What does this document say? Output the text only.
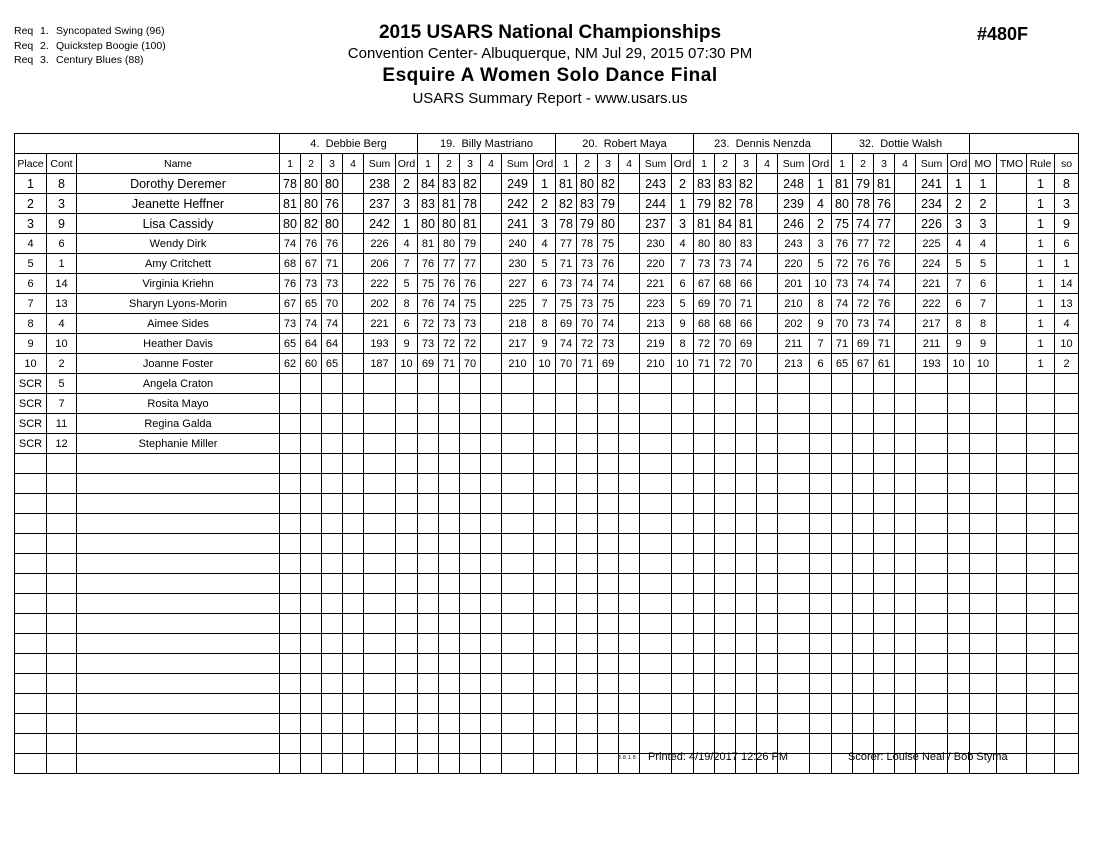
Req 1. Syncopated Swing (96)
Req 2. Quickstep Boogie (100)
Req 3. Century Blues (88)
2015 USARS National Championships
Convention Center- Albuquerque, NM Jul 29, 2015 07:30 PM
Esquire A Women Solo Dance Final
USARS Summary Report - www.usars.us
#480F
			4. Debbie Berg						19. Billy Mastriano						20. Robert Maya						23. Dennis Nenzda						32. Dottie Walsh									
Place	Cont	Name	1	2	3	4	Sum	Ord	1	2	3	4	Sum	Ord	1	2	3	4	Sum	Ord	1	2	3	4	Sum	Ord	1	2	3	4	Sum	Ord	MO	TMO	Rule	so
1	8	Dorothy Deremer	78	80	80		238	2	84	83	82		249	1	81	80	82		243	2	83	83	82		248	1	81	79	81		241	1	1		1	8
2	3	Jeanette Heffner	81	80	76		237	3	83	81	78		242	2	82	83	79		244	1	79	82	78		239	4	80	78	76		234	2	2		1	3
3	9	Lisa Cassidy	80	82	80		242	1	80	80	81		241	3	78	79	80		237	3	81	84	81		246	2	75	74	77		226	3	3		1	9
4	6	Wendy Dirk	74	76	76		226	4	81	80	79		240	4	77	78	75		230	4	80	80	83		243	3	76	77	72		225	4	4		1	6
5	1	Amy Critchett	68	67	71		206	7	76	77	77		230	5	71	73	76		220	7	73	73	74		220	5	72	76	76		224	5	5		1	1
6	14	Virginia Kriehn	76	73	73		222	5	75	76	76		227	6	73	74	74		221	6	67	68	66		201	10	73	74	74		221	7	6		1	14
7	13	Sharyn Lyons-Morin	67	65	70		202	8	76	74	75		225	7	75	73	75		223	5	69	70	71		210	8	74	72	76		222	6	7		1	13
8	4	Aimee Sides	73	74	74		221	6	72	73	73		218	8	69	70	74		213	9	68	68	66		202	9	70	73	74		217	8	8		1	4
9	10	Heather Davis	65	64	64		193	9	73	72	72		217	9	74	72	73		219	8	72	70	69		211	7	71	69	71		211	9	9		1	10
10	2	Joanne Foster	62	60	65		187	10	69	71	70		210	10	70	71	69		210	10	71	72	70		213	6	65	67	61		193	10	10		1	2
SCR	5	Angela Craton																																		
SCR	7	Rosita Mayo																																		
SCR	11	Regina Galda																																		
SCR	12	Stephanie Miller																																		

3.8.1.8 Printed: 4/19/2017 12:26 PM	Scorer: Louise Neal / Bob Styma
